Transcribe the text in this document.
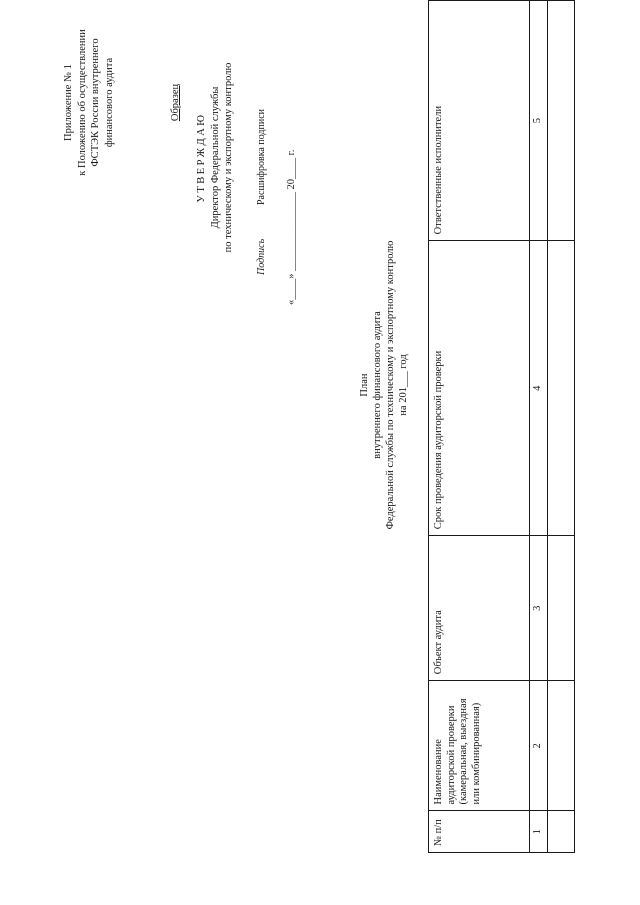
Приложение № 1 к Положению об осуществлении ФСТЭК России внутреннего финансового аудита	Образец
УТВЕРЖДАЮ Директор Федеральной службы по техническому и экспортному контролю
Подпись
Расшифровка подписи «____» _______________ 20____ г.
План внутреннего финансового аудита Федеральной службы по техническому и экспортному контролю на 201___ год
№ п/п	Наименование аудиторской проверки (камеральная, выездная или комбинированная)	Объект аудита	Срок проведения аудиторской проверки	Ответственные исполнители
1	2	3	4	5
